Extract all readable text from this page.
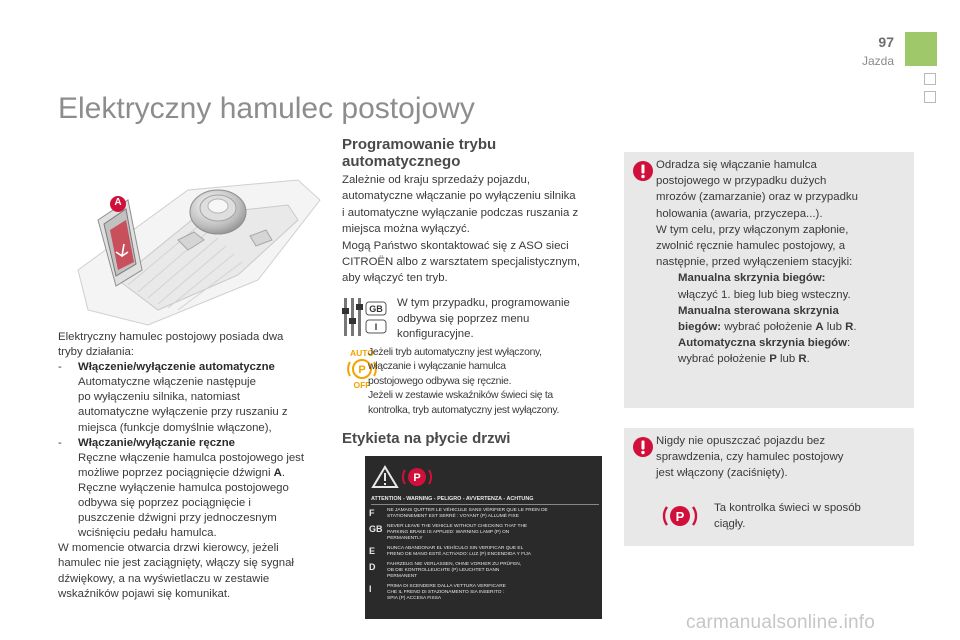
97
Jazda
Elektryczny hamulec postojowy
A
Elektryczny hamulec postojowy posiada dwa
tryby działania:
-	Włączenie/wyłączenie automatyczne
Automatyczne włączenie następuje
po wyłączeniu silnika, natomiast
automatyczne wyłączenie przy ruszaniu z
miejsca (funkcje domyślnie włączone),
-	Włączanie/wyłączanie ręczne
Ręczne włączenie hamulca postojowego jest
możliwe poprzez pociągnięcie dźwigni A.
Ręczne wyłączenie hamulca postojowego
odbywa się poprzez pociągnięcie i
puszczenie dźwigni przy jednoczesnym
wciśnięciu pedału hamulca.
W momencie otwarcia drzwi kierowcy, jeżeli
hamulec nie jest zaciągnięty, włączy się sygnał
dźwiękowy, a na wyświetlaczu w zestawie
wskaźników pojawi się komunikat.
Programowanie trybu
automatycznego
Zależnie od kraju sprzedaży pojazdu,
automatyczne włączanie po wyłączeniu silnika
i automatyczne wyłączanie podczas ruszania z
miejsca można wyłączyć.
Mogą Państwo skontaktować się z ASO sieci
CITROËN albo z warsztatem specjalistycznym,
aby włączyć ten tryb.
GB
I
W tym przypadku, programowanie
odbywa się poprzez menu
konfiguracyjne.
AUTO
P
OFF
Jeżeli tryb automatyczny jest wyłączony,
włączanie i wyłączanie hamulca
postojowego odbywa się ręcznie.
Jeżeli w zestawie wskaźników świeci się ta
kontrolka, tryb automatyczny jest wyłączony.
Etykieta na płycie drzwi
P
ATTENTION - WARNING - PELIGRO - AVVERTENZA - ACHTUNG
F	NE JAMAIS QUITTER LE VÉHICULE SANS VÉRIFIER QUE LE FREIN DE
STATIONNEMENT EST SERRÉ : VOYANT (P) ALLUMÉ FIXE
GB NEVER LEAVE THE VEHICLE WITHOUT CHECKING THAT THE
PARKING BRAKE IS APPLIED: WARNING LAMP (P) ON
PERMANENTLY
E	NUNCA ABANDONAR EL VEHÍCULO SIN VERIFICAR QUE EL
FRENO DE MANO ESTÉ ACTIVADO: LUZ (P) ENCENDIDA Y FIJA
D	FAHRZEUG NIE VERLASSEN, OHNE VORHER ZU PRÜFEN,
OB DIE KONTROLLEUCHTE (P) LEUCHTET DANN
PERMANENT
I	PRIMA DI SCENDERE DALLA VETTURA VERIFICARE
CHE IL FRENO DI STAZIONAMENTO SIA INSERITO :
SPIA (P) ACCESA FISSA
Odradza się włączanie hamulca
postojowego w przypadku dużych
mrozów (zamarzanie) oraz w przypadku
holowania (awaria, przyczepa...).
W tym celu, przy włączonym zapłonie,
zwolnić ręcznie hamulec postojowy, a
następnie, przed wyłączeniem stacyjki:
Manualna skrzynia biegów:
włączyć 1. bieg lub bieg wsteczny.
Manualna sterowana skrzynia
biegów: wybrać położenie A lub R.
Automatyczna skrzynia biegów:
wybrać położenie P lub R.
Nigdy nie opuszczać pojazdu bez
sprawdzenia, czy hamulec postojowy
jest włączony (zaciśnięty).
P
Ta kontrolka świeci w sposób
ciągły.
carmanualsonline.info
